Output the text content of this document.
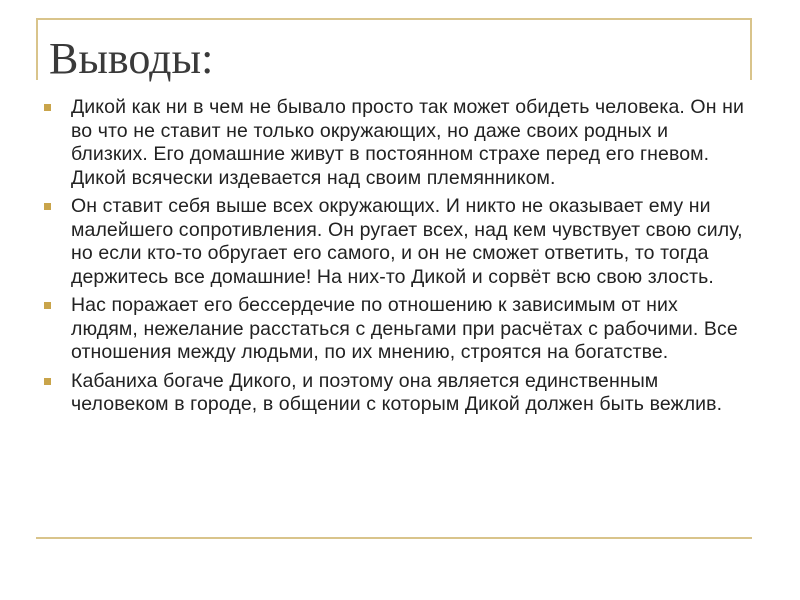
Выводы:
Дикой как ни в чем не бывало просто так может обидеть человека. Он ни во что не ставит не только окружающих, но даже своих родных и близких. Его домашние живут в постоянном страхе перед его гневом. Дикой всячески издевается над своим племянником.
Он ставит себя выше всех окружающих. И никто не оказывает ему ни малейшего сопротивления. Он ругает всех, над кем чувствует свою силу, но если кто-то обругает его самого, и он не сможет ответить, то тогда держитесь все домашние! На них-то Дикой и сорвёт всю свою злость.
Нас поражает его бессердечие по отношению к зависимым от них людям, нежелание расстаться с деньгами при расчётах с рабочими. Все отношения между людьми, по их мнению, строятся на богатстве.
Кабаниха богаче Дикого, и поэтому она является единственным человеком в городе, в общении с которым Дикой должен быть вежлив.
